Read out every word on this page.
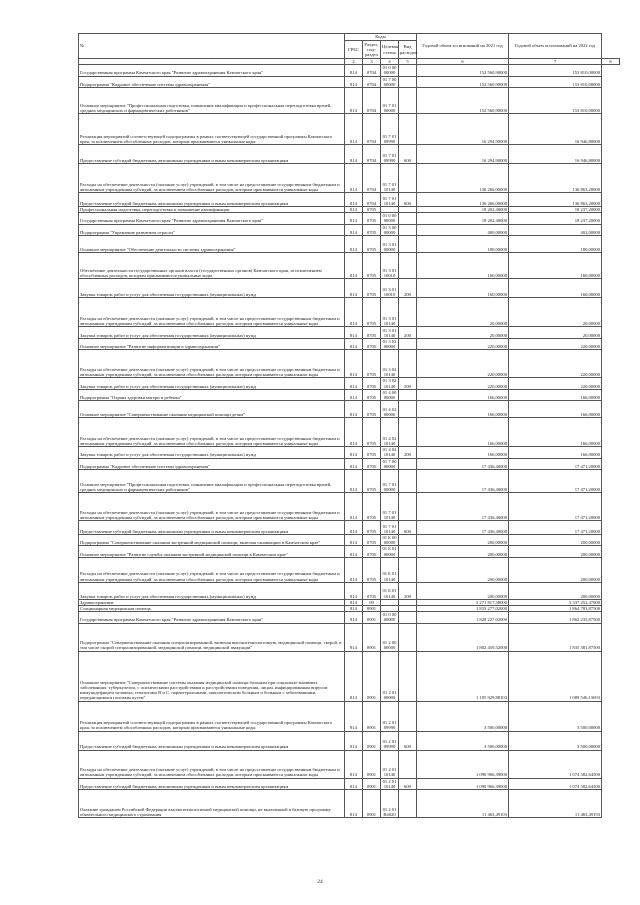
№	Коды				Годовой объем ассигнований на 2021 год	Годовой объем ассигнований на 2022 год	
	ГРБС	Раздел, под-раздел	Целевая статья	Вид расходов			
.	2	3	4	5	6	7	8
Государственная программа Камчатского края "Развитие здравоохранения Камчатского края"	814	0704	01 0 00 00000		152 560,90000	153 810,00000	
Подпрограмма "Кадровое обеспечение системы здравоохранения"	814	0704	01 7 00 00000		152 560,90000	153 810,00000	
Основное мероприятие "Профессиональная подготовка, повышение квалификации и профессиональная переподготовка врачей, средних медицинских и фармацевтических работников"	814	0704	01 7 01 00000		152 560,90000	153 810,00000	
Реализация мероприятий соответствующей подпрограммы в рамках соответствующей государственной программы Камчатского края, за исключением обособленных расходов, которым присваиваются уникальные коды	814	0704	01 7 01 09990		16 294,90000	16 946,80000	
Предоставление субсидий бюджетным, автономным учреждениям и иным некоммерческим организациям	814	0704	01 7 01 09990	600	16 294,90000	16 946,80000	
Расходы на обеспечение деятельности (оказание услуг) учреждений, в том числе на предоставление государственным бюджетным и автономным учреждениям субсидий, за исключением обособленных расходов, которым присваиваются уникальные коды	814	0704	01 7 01 10140		136 266,00000	136 863,20000	
Предоставление субсидий бюджетным, автономным учреждениям и иным некоммерческим организациям	814	0704	01 7 01 10140	600	136 266,00000	136 863,20000	
Профессиональная подготовка, переподготовка и повышение квалификации	814	0705			18 202,40000	18 237,20000	
Государственная программа Камчатского края "Развитие здравоохранения Камчатского края"	814	0705	01 0 00 00000		18 202,40000	18 237,20000	
Подпрограмма "Управление развитием отрасли"	814	0705	01 3 00 00000		400,00000	402,00000	
Основное мероприятие "Обеспечение деятельности системы здравоохранения"	814	0705	01 3 01 00000		180,00000	180,00000	
Обеспечение деятельности государственных органов власти (государственных органов) Камчатского края, за исключением обособленных расходов, которым присваиваются уникальные коды	814	0705	01 3 01 10010		160,00000	160,00000	
Закупка товаров, работ и услуг для обеспечения государственных (муниципальных) нужд	814	0705	01 3 01 10010	200	160,00000	160,00000	
Расходы на обеспечение деятельности (оказание услуг) учреждений, в том числе на предоставление государственным бюджетным и автономным учреждениям субсидий, за исключением обособленных расходов, которым присваиваются уникальные коды	814	0705	01 3 01 10140		20,00000	20,00000	
Закупка товаров, работ и услуг для обеспечения государственных (муниципальных) нужд	814	0705	01 3 01 10140	200	20,00000	20,00000	
Основное мероприятие "Развитие информатизации в здравоохранении"	814	0705	01 3 02 00000		220,00000	220,00000	
Расходы на обеспечение деятельности (оказание услуг) учреждений, в том числе на предоставление государственным бюджетным и автономным учреждениям субсидий, за исключением обособленных расходов, которым присваиваются уникальные коды	814	0705	01 3 02 10140		220,00000	220,00000	
Закупка товаров, работ и услуг для обеспечения государственных (муниципальных) нужд	814	0705	01 3 02 10140	200	220,00000	220,00000	
Подпрограмма "Охрана здоровья матери и ребенка"	814	0705	01 4 00 00000		166,00000	166,00000	
Основное мероприятие "Совершенствование оказания медицинской помощи детям"	814	0705	01 4 02 00000		166,00000	166,00000	
Расходы на обеспечение деятельности (оказание услуг) учреждений, в том числе на предоставление государственным бюджетным и автономным учреждениям субсидий, за исключением обособленных расходов, которым присваиваются уникальные коды	814	0705	01 4 02 10140		166,00000	166,00000	
Закупка товаров, работ и услуг для обеспечения государственных (муниципальных) нужд	814	0705	01 4 02 10140	200	166,00000	166,00000	
Подпрограмма "Кадровое обеспечение системы здравоохранения"	814	0705	01 7 00 00000		17 436,40000	17 471,20000	
Основное мероприятие "Профессиональная подготовка, повышение квалификации и профессиональная переподготовка врачей, средних медицинских и фармацевтических работников"	814	0705	01 7 01 00000		17 436,40000	17 471,20000	
Расходы на обеспечение деятельности (оказание услуг) учреждений, в том числе на предоставление государственным бюджетным и автономным учреждениям субсидий, за исключением обособленных расходов, которым присваиваются уникальные коды	814	0705	01 7 01 10140		17 436,40000	17 471,20000	
Предоставление субсидий бюджетным, автономным учреждениям и иным некоммерческим организациям	814	0705	01 7 01 10140	600	17 436,40000	17 471,20000	
Подпрограмма "Совершенствование оказания экстренной медицинской помощи, включая санавиацию в Камчатском крае"	814	0705	01 Б 00 00000		200,00000	200,00000	
Основное мероприятие "Развитие службы оказания экстренной медицинской помощи в Камчатском крае"	814	0705	01 Б 01 00000		200,00000	200,00000	
Расходы на обеспечение деятельности (оказание услуг) учреждений, в том числе на предоставление государственным бюджетным и автономным учреждениям субсидий, за исключением обособленных расходов, которым присваиваются уникальные коды	814	0705	01 Б 01 10140		200,00000	200,00000	
Закупка товаров, работ и услуг для обеспечения государственных (муниципальных) нужд	814	0705	01 Б 01 10140	200	200,00000	200,00000	
Здравоохранение	814	09			5 271 817,58000	5 337 252,47000	
Стационарная медицинская помощь	814	0901			1 833 277,02000	1 864 783,87500	
Государственная программа Камчатского края "Развитие здравоохранения Камчатского края"	814	0901	01 0 00 00000		1 828 227,02000	1 862 235,87500	
Подпрограмма "Совершенствование оказания специализированной, включая высокотехнологичную, медицинской помощи, скорой, в том числе скорой специализированной, медицинской помощи, медицинской эвакуации"	814	0901	01 2 00 00000		1 802 459,52000	1 835 381,87500	
Основное мероприятие "Совершенствование системы оказания медицинской помощи больным при социально-значимых заболеваниях: туберкулезом, с психическими расстройствами и расстройствами поведения, лицам, инфицированным вирусом иммунодефицита человека, гепатитами В и С, парентеральными, онкологическим больным и больным с заболеваниями, передающимися половым путем"	814	0901	01 2 01 00000		1 105 929,88103	1 089 546,13693	
Реализация мероприятий соответствующей подпрограммы в рамках соответствующей государственной программы Камчатского края, за исключением обособленных расходов, которым присваиваются уникальные коды	814	0901	01 2 01 09990		3 500,00000	3 500,00000	
Предоставление субсидий бюджетным, автономным учреждениям и иным некоммерческим организациям	814	0901	01 2 01 09990	600	3 500,00000	3 500,00000	
Расходы на обеспечение деятельности (оказание услуг) учреждений, в том числе на предоставление государственным бюджетным и автономным учреждениям субсидий, за исключением обособленных расходов, которым присваиваются уникальные коды	814	0901	01 2 01 10140		1 090 966,39000	1 074 582,64500	
Предоставление субсидий бюджетным, автономным учреждениям и иным некоммерческим организациям	814	0901	01 2 01 10140	600	1 090 966,39000	1 074 582,64500	
Оказание гражданам Российской Федерации высокотехнологичной медицинской помощи, не включенной в базовую программу обязательного медицинского страхования	814	0901	01 2 01 R4020		11 463,49103	11 463,49193	
24
